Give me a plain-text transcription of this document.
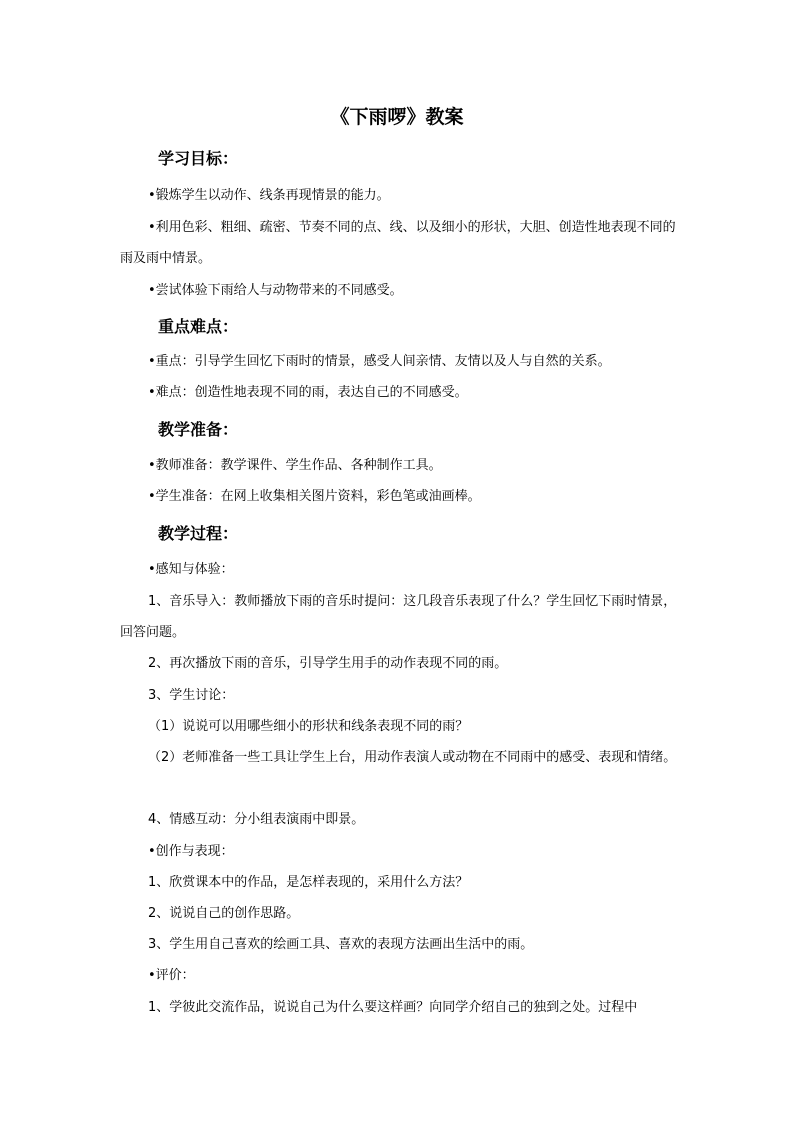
《下雨啰》教案
学习目标：
•锻炼学生以动作、线条再现情景的能力。
•利用色彩、粗细、疏密、节奏不同的点、线、以及细小的形状，大胆、创造性地表现不同的雨及雨中情景。
•尝试体验下雨给人与动物带来的不同感受。
重点难点：
•重点：引导学生回忆下雨时的情景，感受人间亲情、友情以及人与自然的关系。
•难点：创造性地表现不同的雨，表达自己的不同感受。
教学准备：
•教师准备：教学课件、学生作品、各种制作工具。
•学生准备：在网上收集相关图片资料，彩色笔或油画棒。
教学过程：
•感知与体验：
1、音乐导入：教师播放下雨的音乐时提问：这几段音乐表现了什么？学生回忆下雨时情景，回答问题。
2、再次播放下雨的音乐，引导学生用手的动作表现不同的雨。
3、学生讨论：
（1）说说可以用哪些细小的形状和线条表现不同的雨？
（2）老师准备一些工具让学生上台，用动作表演人或动物在不同雨中的感受、表现和情绪。
4、情感互动：分小组表演雨中即景。
•创作与表现：
1、欣赏课本中的作品，是怎样表现的，采用什么方法？
2、说说自己的创作思路。
3、学生用自己喜欢的绘画工具、喜欢的表现方法画出生活中的雨。
•评价：
1、学彼此交流作品，说说自己为什么要这样画？向同学介绍自己的独到之处。过程中
